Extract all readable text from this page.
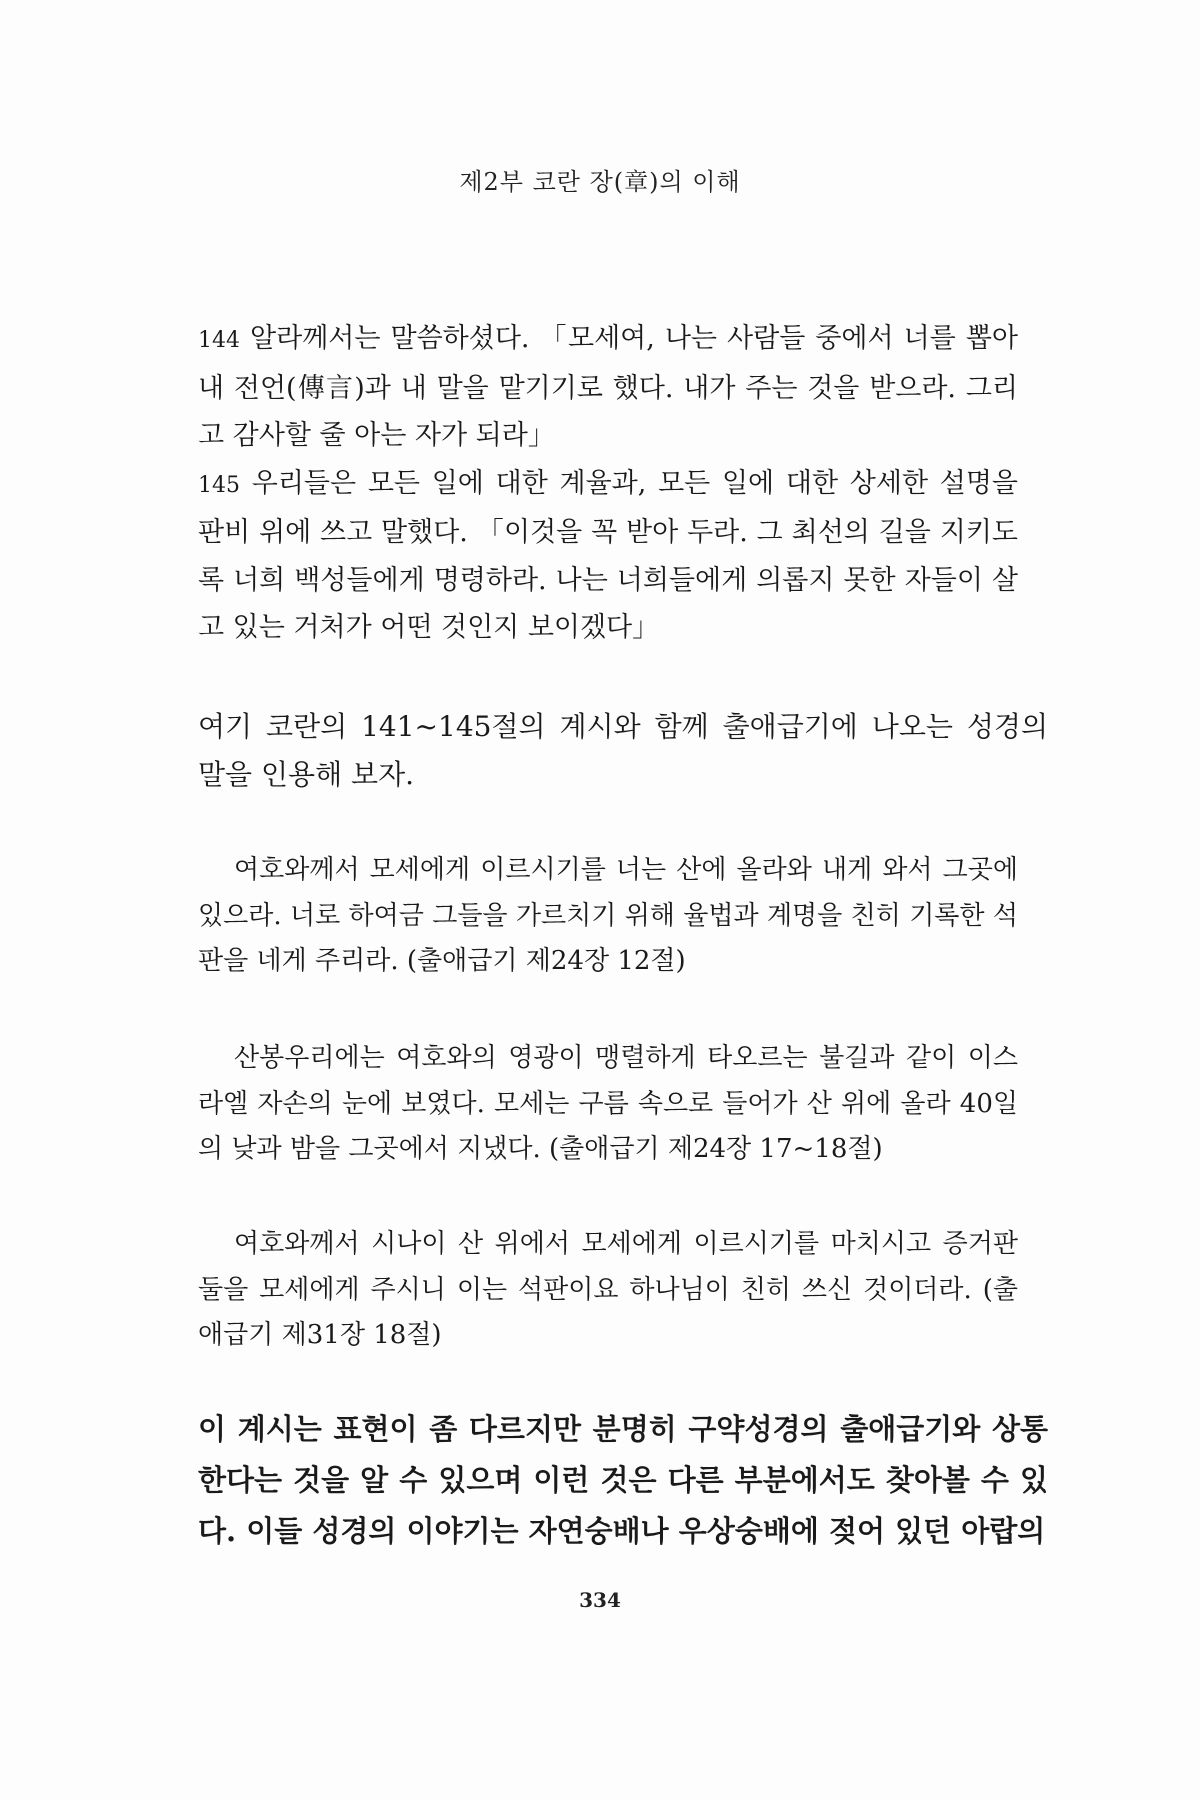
제2부 코란 장(章)의 이해

144 알라께서는 말씀하셨다. 「모세여, 나는 사람들 중에서 너를 뽑아 내 전언(傳言)과 내 말을 맡기기로 했다. 내가 주는 것을 받으라. 그리고 감사할 줄 아는 자가 되라」

145 우리들은 모든 일에 대한 계율과, 모든 일에 대한 상세한 설명을 판비 위에 쓰고 말했다. 「이것을 꼭 받아 두라. 그 최선의 길을 지키도록 너희 백성들에게 명령하라. 나는 너희들에게 의롭지 못한 자들이 살고 있는 거처가 어떤 것인지 보이겠다」

여기 코란의 141~145절의 계시와 함께 출애급기에 나오는 성경의 말을 인용해 보자.

여호와께서 모세에게 이르시기를 너는 산에 올라와 내게 와서 그곳에 있으라. 너로 하여금 그들을 가르치기 위해 율법과 계명을 친히 기록한 석판을 네게 주리라. (출애급기 제24장 12절)

산봉우리에는 여호와의 영광이 맹렬하게 타오르는 불길과 같이 이스라엘 자손의 눈에 보였다. 모세는 구름 속으로 들어가 산 위에 올라 40일의 낮과 밤을 그곳에서 지냈다. (출애급기 제24장 17~18절)

여호와께서 시나이 산 위에서 모세에게 이르시기를 마치시고 증거판 둘을 모세에게 주시니 이는 석판이요 하나님이 친히 쓰신 것이더라. (출애급기 제31장 18절)

이 계시는 표현이 좀 다르지만 분명히 구약성경의 출애급기와 상통한다는 것을 알 수 있으며 이런 것은 다른 부분에서도 찾아볼 수 있다. 이들 성경의 이야기는 자연숭배나 우상숭배에 젖어 있던 아랍의

334
